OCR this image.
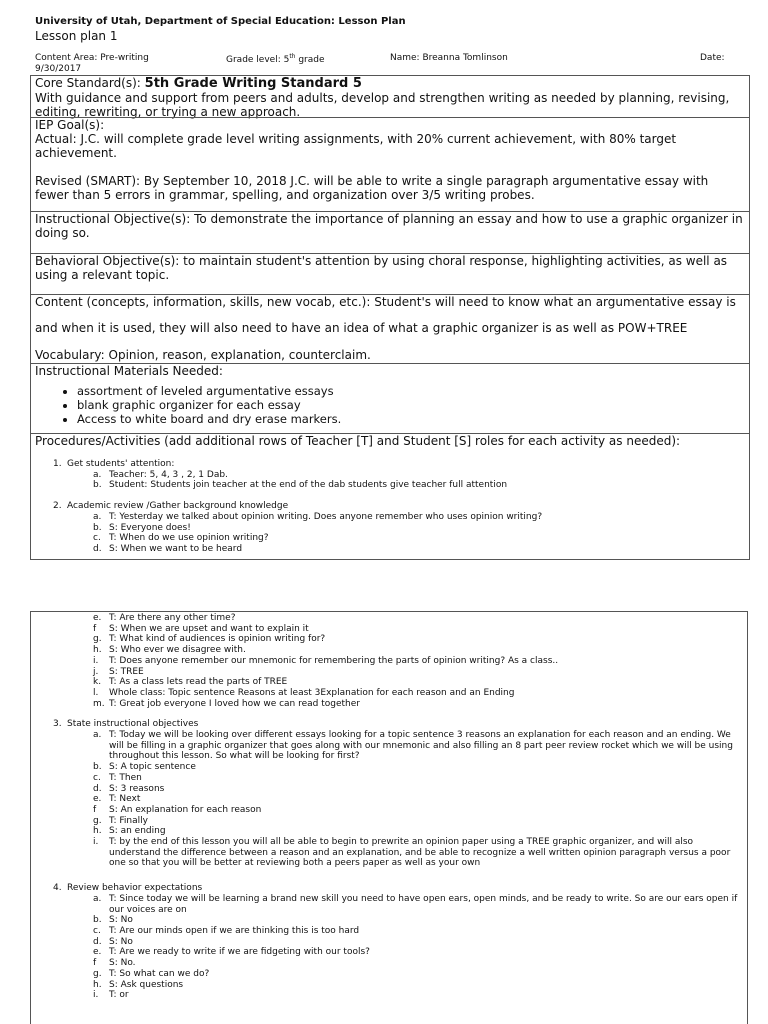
University of Utah, Department of Special Education: Lesson Plan
Lesson plan 1
Content Area: Pre-writing	Grade level: 5th grade	Name: Breanna Tomlinson	Date:
9/30/2017
Core Standard(s): 5th Grade Writing Standard 5

With guidance and support from peers and adults, develop and strengthen writing as needed by planning, revising, editing, rewriting, or trying a new approach.

IEP Goal(s):

Actual: J.C. will complete grade level writing assignments, with 20% current achievement, with 80% target achievement.

Revised (SMART): By September 10, 2018 J.C. will be able to write a single paragraph argumentative essay with fewer than 5 errors in grammar, spelling, and organization over 3/5 writing probes.

Instructional Objective(s): To demonstrate the importance of planning an essay and how to use a graphic organizer in doing so.

Behavioral Objective(s): to maintain student's attention by using choral response, highlighting activities, as well as using a relevant topic.

Content (concepts, information, skills, new vocab, etc.): Student's will need to know what an argumentative essay is

and when it is used, they will also need to have an idea of what a graphic organizer is as well as POW+TREE

Vocabulary: Opinion, reason, explanation, counterclaim.

Instructional Materials Needed:

• assortment of leveled argumentative essays
• blank graphic organizer for each essay
• Access to white board and dry erase markers.

Procedures/Activities (add additional rows of Teacher [T] and Student [S] roles for each activity as needed):

1. Get students' attention:
a. Teacher: 5, 4, 3 , 2, 1 Dab.
b. Student: Students join teacher at the end of the dab students give teacher full attention
2. Academic review /Gather background knowledge
a. T: Yesterday we talked about opinion writing. Does anyone remember who uses opinion writing?
b. S: Everyone does!
c. T: When do we use opinion writing?
d. S: When we want to be heard
e. T: Are there any other time?
f S: When we are upset and want to explain it
g. T: What kind of audiences is opinion writing for?
h. S: Who ever we disagree with.
i. T: Does anyone remember our mnemonic for remembering the parts of opinion writing? As a class..
j. S: TREE
k. T: As a class lets read the parts of TREE
l. Whole class: Topic sentence Reasons at least 3Explanation for each reason and an Ending
m. T: Great job everyone I loved how we can read together
3. State instructional objectives
a. T: Today we will be looking over different essays looking for a topic sentence 3 reasons an explanation for each reason and an ending. We will be filling in a graphic organizer that goes along with our mnemonic and also filling an 8 part peer review rocket which we will be using throughout this lesson. So what will be looking for first?
b. S: A topic sentence
c. T: Then
d. S: 3 reasons
e. T: Next
f S: An explanation for each reason
g. T: Finally
h. S: an ending
i. T: by the end of this lesson you will all be able to begin to prewrite an opinion paper using a TREE graphic organizer, and will also understand the difference between a reason and an explanation, and be able to recognize a well written opinion paragraph versus a poor one so that you will be better at reviewing both a peers paper as well as your own
4. Review behavior expectations
a. T: Since today we will be learning a brand new skill you need to have open ears, open minds, and be ready to write. So are our ears open if our voices are on
b. S: No
c. T: Are our minds open if we are thinking this is too hard
d. S: No
e. T: Are we ready to write if we are fidgeting with our tools?
f S: No.
g. T: So what can we do?
h. S: Ask questions
i. T: or
